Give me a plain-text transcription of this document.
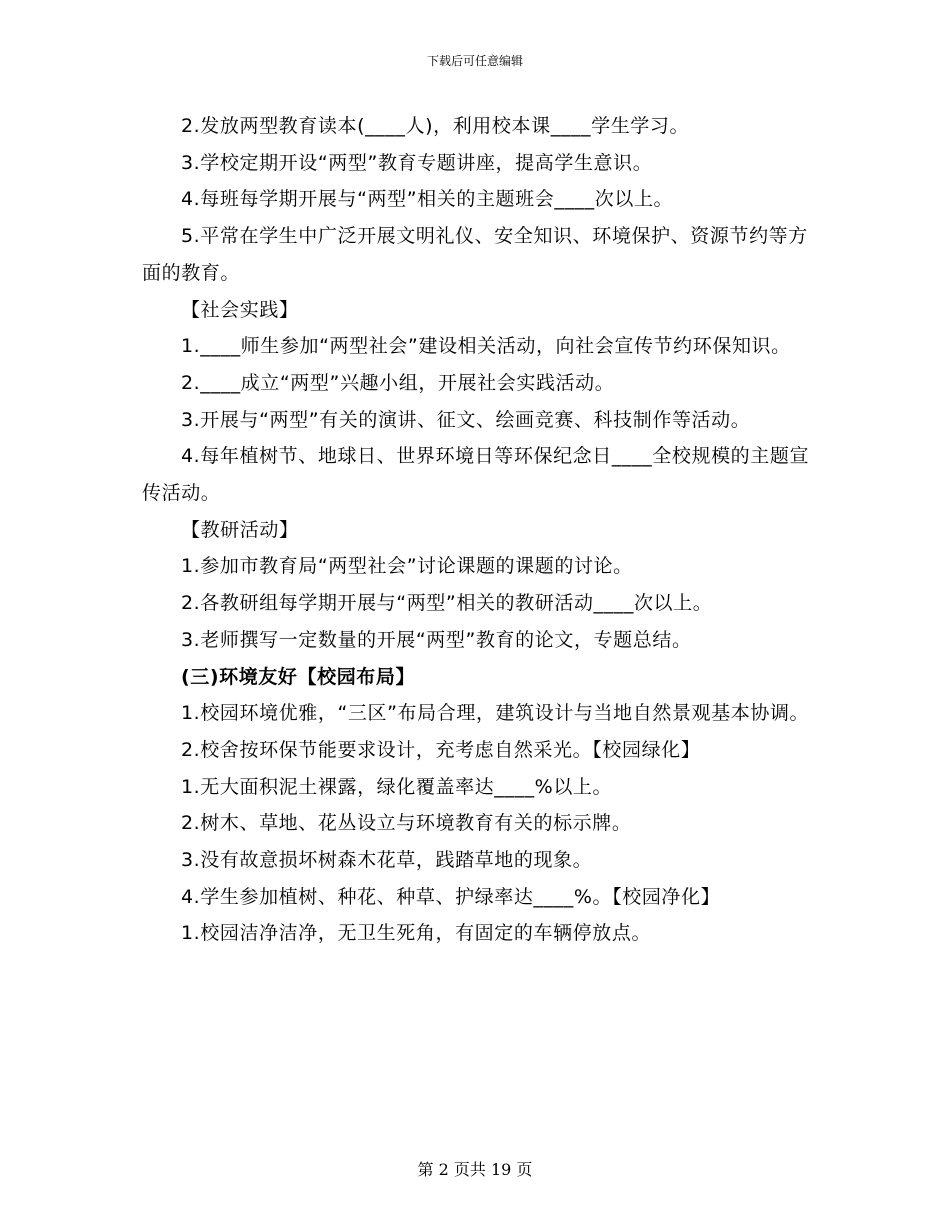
下载后可任意编辑
2.发放两型教育读本(____人)，利用校本课____学生学习。
3.学校定期开设“两型”教育专题讲座，提高学生意识。
4.每班每学期开展与“两型”相关的主题班会____次以上。
5.平常在学生中广泛开展文明礼仪、安全知识、环境保护、资源节约等方面的教育。
【社会实践】
1.____师生参加“两型社会”建设相关活动，向社会宣传节约环保知识。
2.____成立“两型”兴趣小组，开展社会实践活动。
3.开展与“两型”有关的演讲、征文、绘画竞赛、科技制作等活动。
4.每年植树节、地球日、世界环境日等环保纪念日____全校规模的主题宣传活动。
【教研活动】
1.参加市教育局“两型社会”讨论课题的课题的讨论。
2.各教研组每学期开展与“两型”相关的教研活动____次以上。
3.老师撰写一定数量的开展“两型”教育的论文，专题总结。
(三)环境友好【校园布局】
1.校园环境优雅，“三区”布局合理，建筑设计与当地自然景观基本协调。
2.校舍按环保节能要求设计，充考虑自然采光。【校园绿化】
1.无大面积泥土裸露，绿化覆盖率达____%以上。
2.树木、草地、花丛设立与环境教育有关的标示牌。
3.没有故意损坏树森木花草，践踏草地的现象。
4.学生参加植树、种花、种草、护绿率达____%。【校园净化】
1.校园洁净洁净，无卫生死角，有固定的车辆停放点。
第 2 页共 19 页
